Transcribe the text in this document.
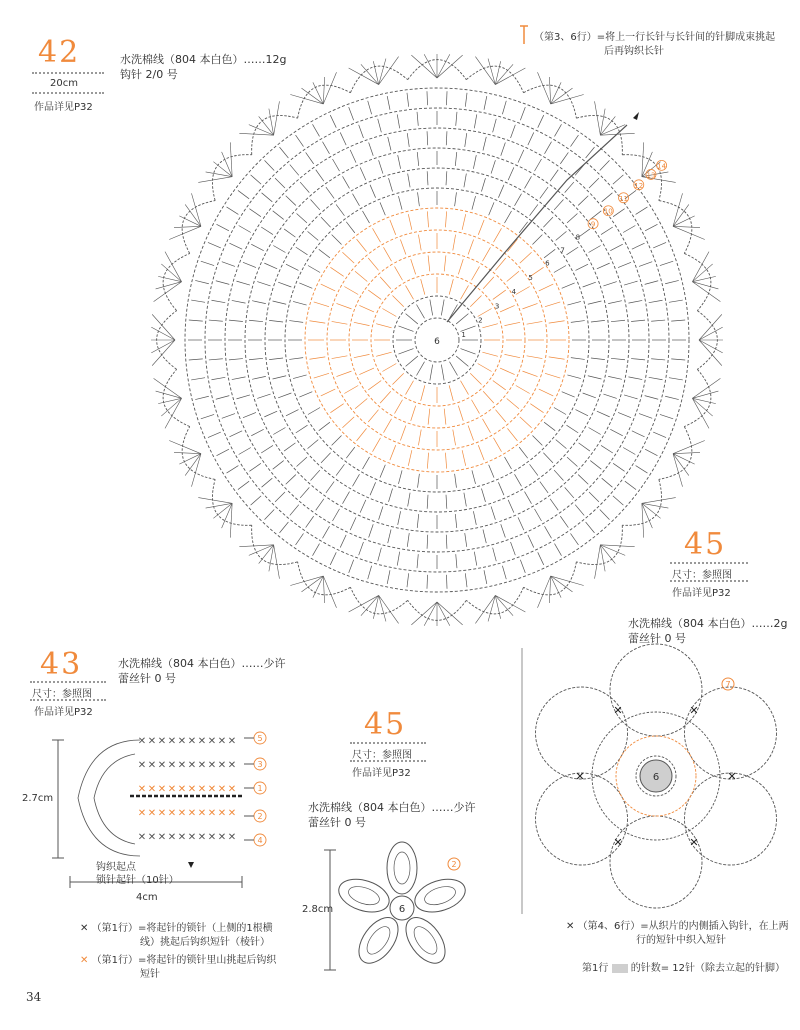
42
20cm
作品详见P32
水洗棉线（804 本白色）……12g
钩针 2/0 号
（第3、6行）=将上一行长针与长针间的针脚成束挑起
后再钩织长针
6
1
2
3
4
5
6
7
8
9
10
11
12
13
14
45
尺寸：参照图
作品详见P32
43
尺寸：参照图
作品详见P32
水洗棉线（804 本白色）……少许
蕾丝针 0 号
✕ ✕ ✕ ✕ ✕ ✕ ✕ ✕ ✕ ✕
✕ ✕ ✕ ✕ ✕ ✕ ✕ ✕ ✕ ✕
✕ ✕ ✕ ✕ ✕ ✕ ✕ ✕ ✕ ✕
✕ ✕ ✕ ✕ ✕ ✕ ✕ ✕ ✕ ✕
✕ ✕ ✕ ✕ ✕ ✕ ✕ ✕ ✕ ✕
5
3
1
2
4
2.7cm
4cm
钩织起点
锁针起针（10针）
✕ （第1行）=将起针的锁针（上侧的1根横
线）挑起后钩织短针（棱针）
✕ （第1行）=将起针的锁针里山挑起后钩织
短针
45
尺寸：参照图
作品详见P32
水洗棉线（804 本白色）……少许
蕾丝针 0 号
6
2
2.8cm
水洗棉线（804 本白色）……2g
蕾丝针 0 号
6	✕
✕
✕
✕
✕	✕
7
✕ （第4、6行）=从织片的内侧插入钩针，在上两
行的短针中织入短针
第1行 的针数= 12针（除去立起的针脚）
34
